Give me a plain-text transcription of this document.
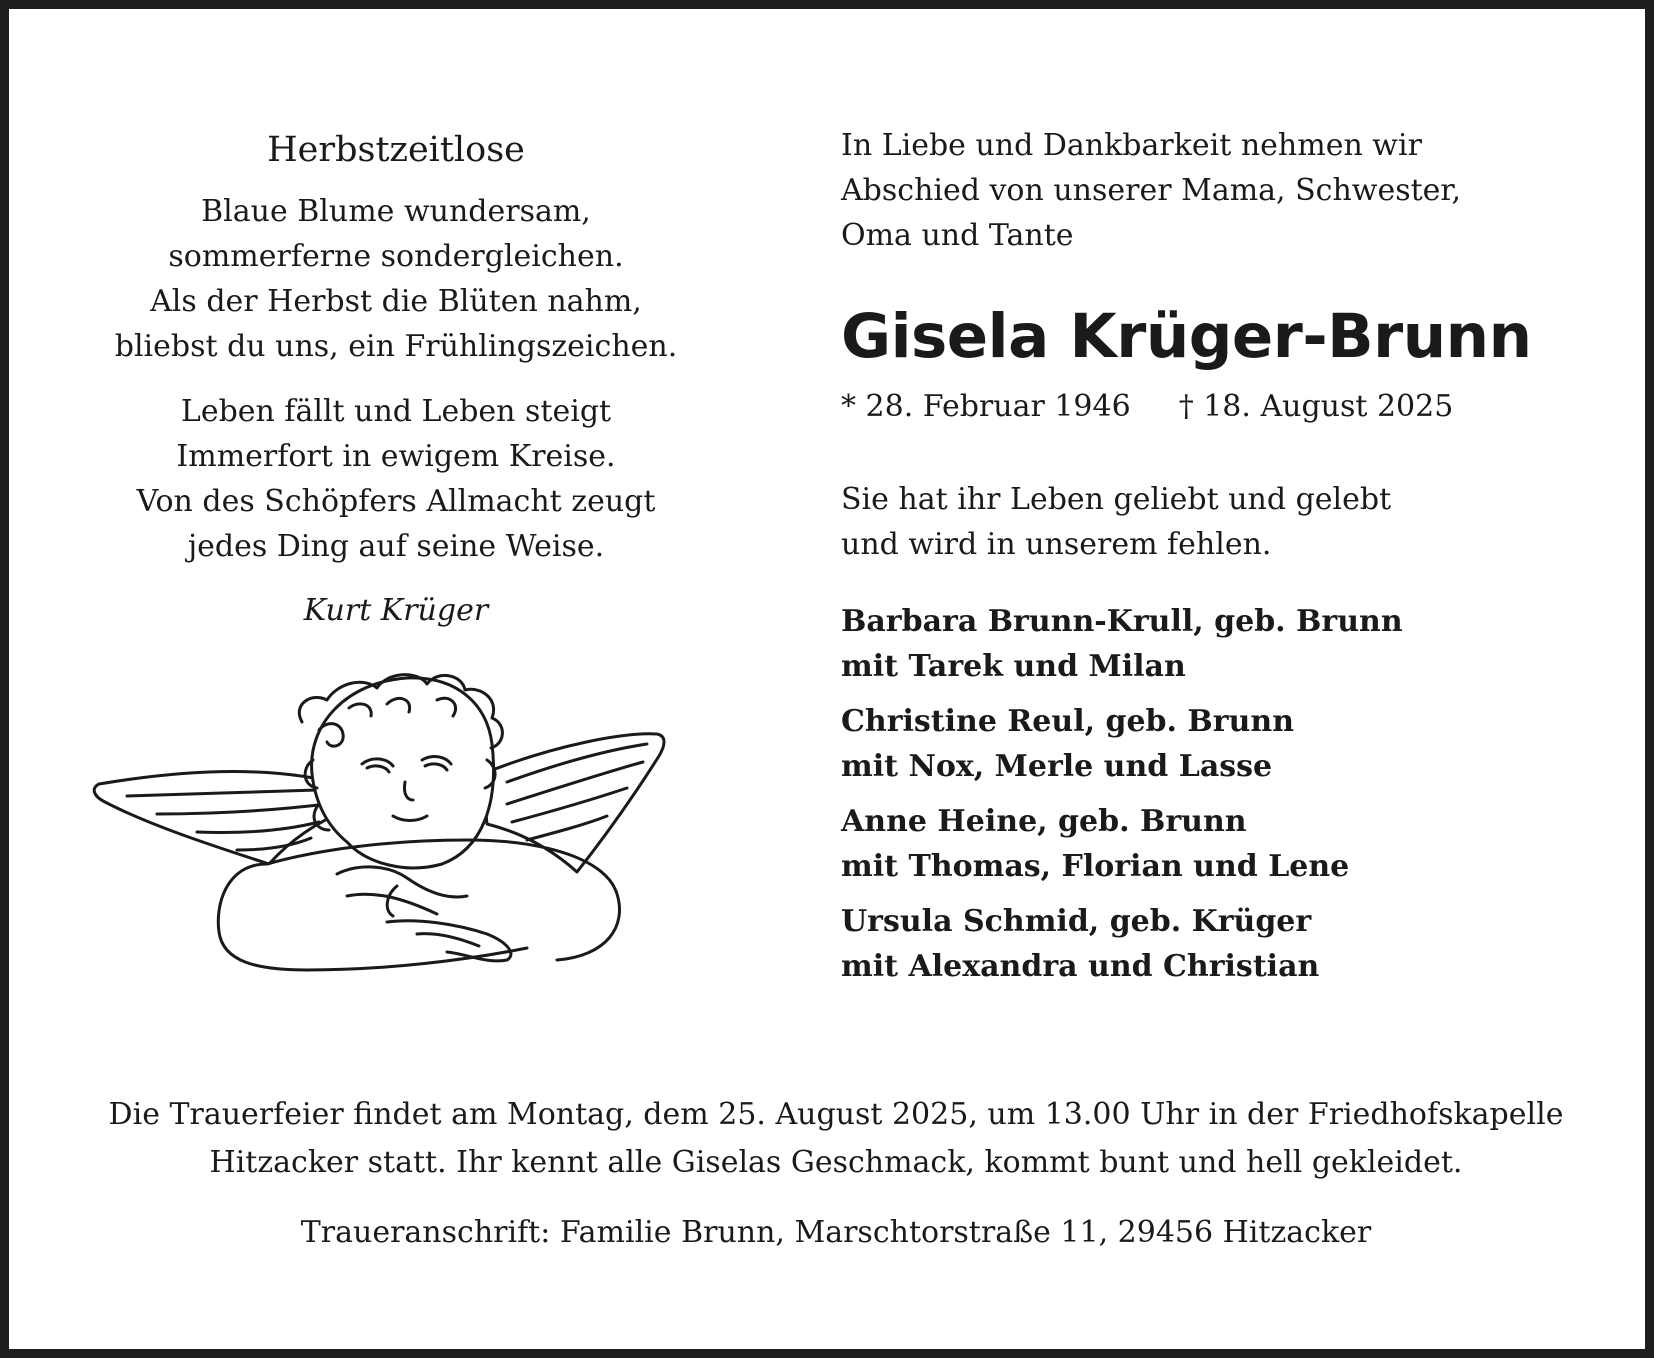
Herbstzeitlose
Blaue Blume wundersam,
sommerferne sondergleichen.
Als der Herbst die Blüten nahm,
bliebst du uns, ein Frühlingszeichen.
Leben fällt und Leben steigt
Immerfort in ewigem Kreise.
Von des Schöpfers Allmacht zeugt
jedes Ding auf seine Weise.
Kurt Krüger
In Liebe und Dankbarkeit nehmen wir
Abschied von unserer Mama, Schwester,
Oma und Tante
Gisela Krüger-Brunn
* 28. Februar 1946 † 18. August 2025
Sie hat ihr Leben geliebt und gelebt
und wird in unserem fehlen.
Barbara Brunn-Krull, geb. Brunn
mit Tarek und Milan
Christine Reul, geb. Brunn
mit Nox, Merle und Lasse
Anne Heine, geb. Brunn
mit Thomas, Florian und Lene
Ursula Schmid, geb. Krüger
mit Alexandra und Christian
Die Trauerfeier findet am Montag, dem 25. August 2025, um 13.00 Uhr in der Friedhofskapelle
Hitzacker statt. Ihr kennt alle Giselas Geschmack, kommt bunt und hell gekleidet.
Traueranschrift: Familie Brunn, Marschtorstraße 11, 29456 Hitzacker
